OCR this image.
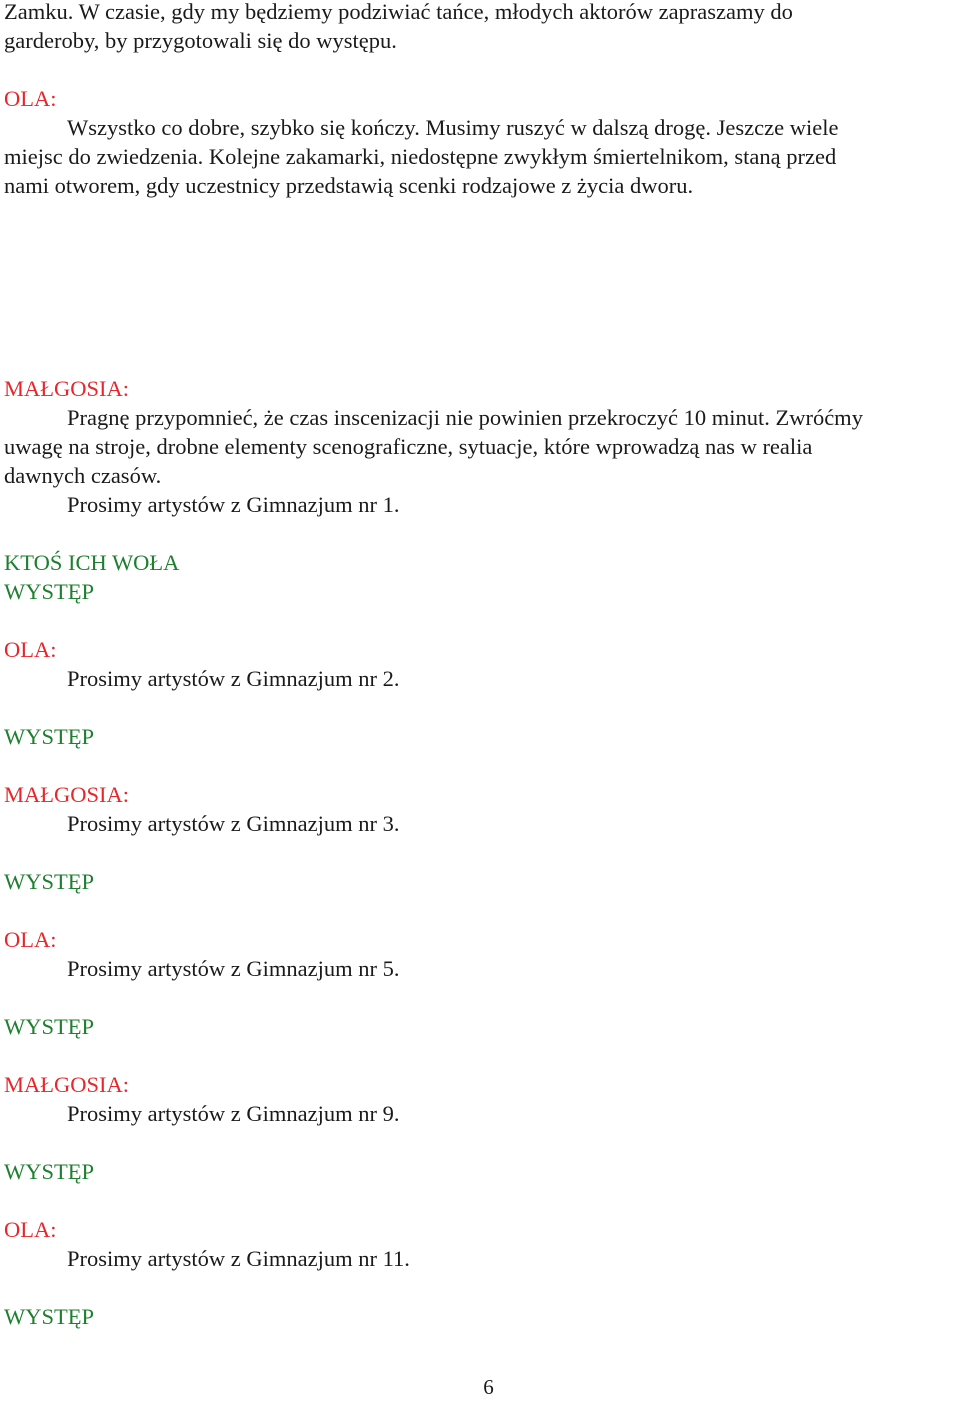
Zamku. W czasie, gdy my będziemy podziwiać tańce, młodych aktorów zapraszamy do

garderoby, by przygotowali się do występu.

OLA:

Wszystko co dobre, szybko się kończy. Musimy ruszyć w dalszą drogę. Jeszcze wiele

miejsc do zwiedzenia. Kolejne zakamarki, niedostępne zwykłym śmiertelnikom, staną przed

nami otworem, gdy uczestnicy przedstawią scenki rodzajowe z życia dworu.

MAŁGOSIA:

Pragnę przypomnieć, że czas inscenizacji nie powinien przekroczyć 10 minut. Zwróćmy

uwagę na stroje, drobne elementy scenograficzne, sytuacje, które wprowadzą nas w realia

dawnych czasów.

Prosimy artystów z Gimnazjum nr 1.

KTOŚ ICH WOŁA

WYSTĘP

OLA:

Prosimy artystów z Gimnazjum nr 2.

WYSTĘP

MAŁGOSIA:

Prosimy artystów z Gimnazjum nr 3.

WYSTĘP

OLA:

Prosimy artystów z Gimnazjum nr 5.

WYSTĘP

MAŁGOSIA:

Prosimy artystów z Gimnazjum nr 9.

WYSTĘP

OLA:

Prosimy artystów z Gimnazjum nr 11.

WYSTĘP

6
